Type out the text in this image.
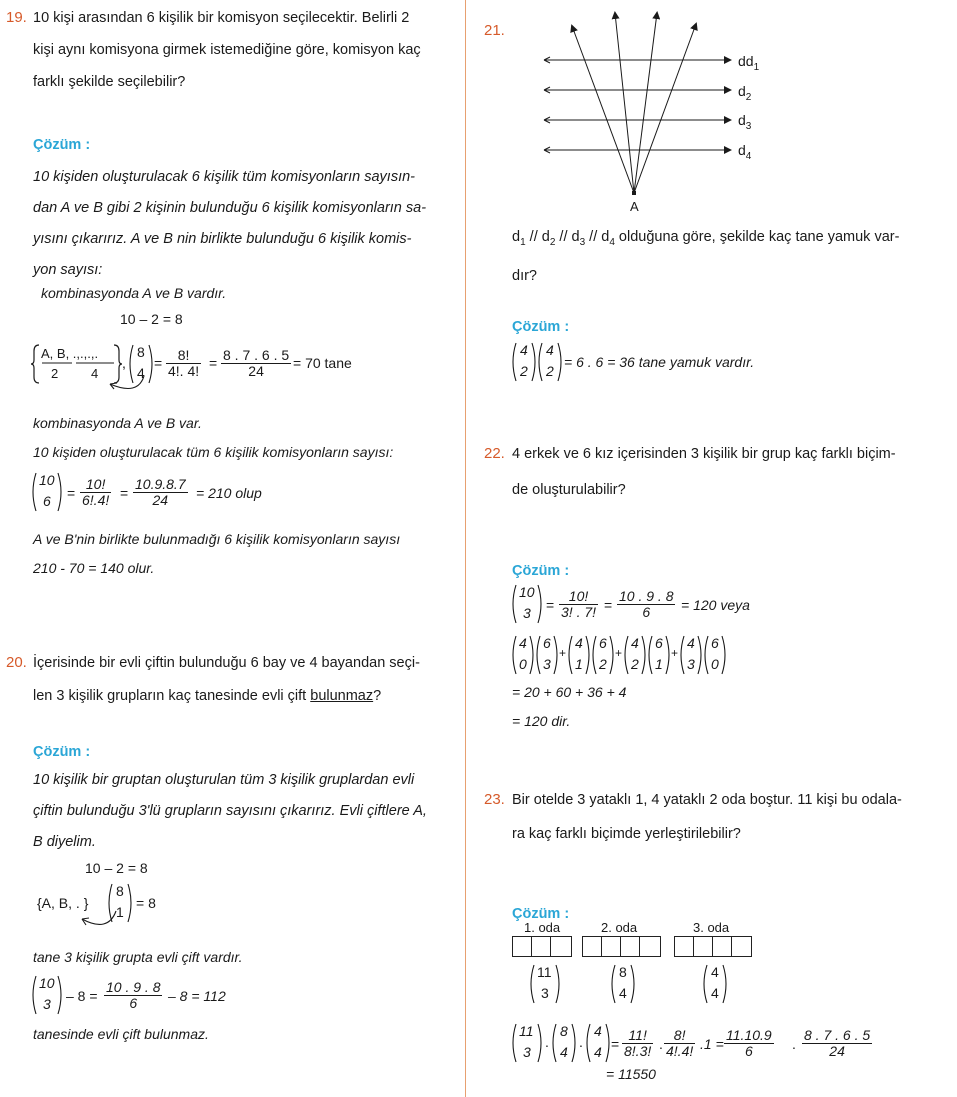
19. 10 kişi arasından 6 kişilik bir komisyon seçilecektir. Belirli 2
kişi aynı komisyona girmek istemediğine göre, komisyon kaç
farklı şekilde seçilebilir?
Çözüm :
10 kişiden oluşturulacak 6 kişilik tüm komisyonların sayısın-
dan A ve B gibi 2 kişinin bulunduğu 6 kişilik komisyonların sa-
yısını çıkarırız. A ve B nin birlikte bulunduğu 6 kişilik komis-
yon sayısı:
kombinasyonda A ve B vardır.
10 – 2 = 8
A, B, .,.,.,.
2	4
,
8
4
= $\frac{8!}{4!. 4!} = \frac{8 . 7 . 6 . 5}{24} = 70$ tane
kombinasyonda A ve B var.
10 kişiden oluşturulacak tüm 6 kişilik komisyonların sayısı:
10
$6 = \frac{10!}{6!.4!} = \frac{10.9.8.7}{24} = 210$ olup
A ve B'nin birlikte bulunmadığı 6 kişilik komisyonların sayısı
210 - 70 = 140 olur.
20. İçerisinde bir evli çiftin bulunduğu 6 bay ve 4 bayandan seçi-
len 3 kişilik grupların kaç tanesinde evli çift bulunmaz?
Çözüm :
10 kişilik bir gruptan oluşturulan tüm 3 kişilik gruplardan evli
çiftin bulunduğu 3'lü grupların sayısını çıkarırız. Evli çiftlere A,
B diyelim.
10 – 2 = 8
{A, B, . }
8
1
= 8
tane 3 kişilik grupta evli çift vardır.
10
$3 - 8 = \frac{10 . 9 . 8}{6} - 8 = 112$
tanesinde evli çift bulunmaz.
21.
$dd_1$
A
$d_2$
$d_3$
$d_4$
$d_1 // d_2 // d_3 // d_4$ olduğuna göre, şekilde kaç tane yamuk var-
dır?
Çözüm :
4
2
4
2
= 6 . 6 = 36 tane yamuk vardır.
22. 4 erkek ve 6 kız içerisinden 3 kişilik bir grup kaç farklı biçim-
de oluşturulabilir?
Çözüm :
10
$3 = \frac{10!}{3! . 7!} = \frac{10 . 9 . 8}{6} = 120$ veya
4
0
6
3
+
4
1
6
2
+
4
2
6
1
+
4
3
6
0
= 20 + 60 + 36 + 4
= 120 dir.
23. Bir otelde 3 yataklı 1, 4 yataklı 2 oda boştur. 11 kişi bu odala-
ra kaç farklı biçimde yerleştirilebilir?
Çözüm :
1. oda	2. oda	3. oda
11
3
8
4
4
4
11
3
.
8
4
.
4
$4 = \frac{11!}{8!.3!}$ . $\frac{8!}{4!.4!} .1 = \frac{11.10.9}{6}$ . $\frac{8 . 7 . 6 . 5}{24}$
= 11550
